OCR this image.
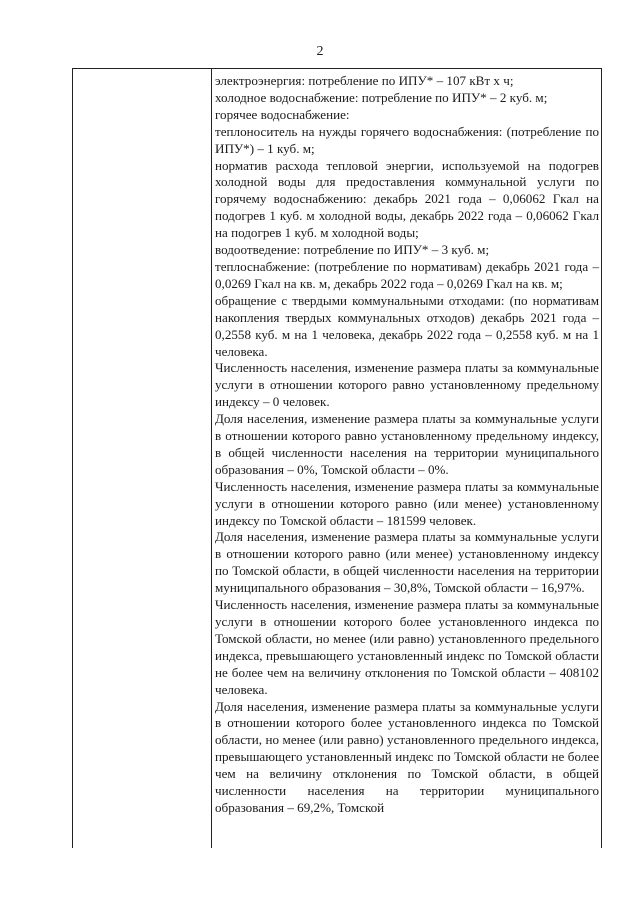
2

электроэнергия: потребление по ИПУ* – 107 кВт х ч;

холодное водоснабжение: потребление по ИПУ* – 2 куб. м;

горячее водоснабжение:

теплоноситель на нужды горячего водоснабжения: (потребление по ИПУ*) – 1 куб. м;

норматив расхода тепловой энергии, используемой на подогрев холодной воды для предоставления коммунальной услуги по горячему водоснабжению: декабрь 2021 года – 0,06062 Гкал на подогрев 1 куб. м холодной воды, декабрь 2022 года – 0,06062 Гкал на подогрев 1 куб. м холодной воды;

водоотведение: потребление по ИПУ* – 3 куб. м;

теплоснабжение: (потребление по нормативам) декабрь 2021 года – 0,0269 Гкал на кв. м, декабрь 2022 года – 0,0269 Гкал на кв. м;

обращение с твердыми коммунальными отходами: (по нормативам накопления твердых коммунальных отходов) декабрь 2021 года – 0,2558 куб. м на 1 человека, декабрь 2022 года – 0,2558 куб. м на 1 человека.

Численность населения, изменение размера платы за коммунальные услуги в отношении которого равно установленному предельному индексу – 0 человек.

Доля населения, изменение размера платы за коммунальные услуги в отношении которого равно установленному предельному индексу, в общей численности населения на территории муниципального образования – 0%, Томской области – 0%.

Численность населения, изменение размера платы за коммунальные услуги в отношении которого равно (или менее) установленному индексу по Томской области – 181599 человек.

Доля населения, изменение размера платы за коммунальные услуги в отношении которого равно (или менее) установленному индексу по Томской области, в общей численности населения на территории муниципального образования – 30,8%, Томской области – 16,97%.

Численность населения, изменение размера платы за коммунальные услуги в отношении которого более установленного индекса по Томской области, но менее (или равно) установленного предельного индекса, превышающего установленный индекс по Томской области не более чем на величину отклонения по Томской области – 408102 человека.

Доля населения, изменение размера платы за коммунальные услуги в отношении которого более установленного индекса по Томской области, но менее (или равно) установленного предельного индекса, превышающего установленный индекс по Томской области не более чем на величину отклонения по Томской области, в общей численности населения на территории муниципального образования – 69,2%, Томской
